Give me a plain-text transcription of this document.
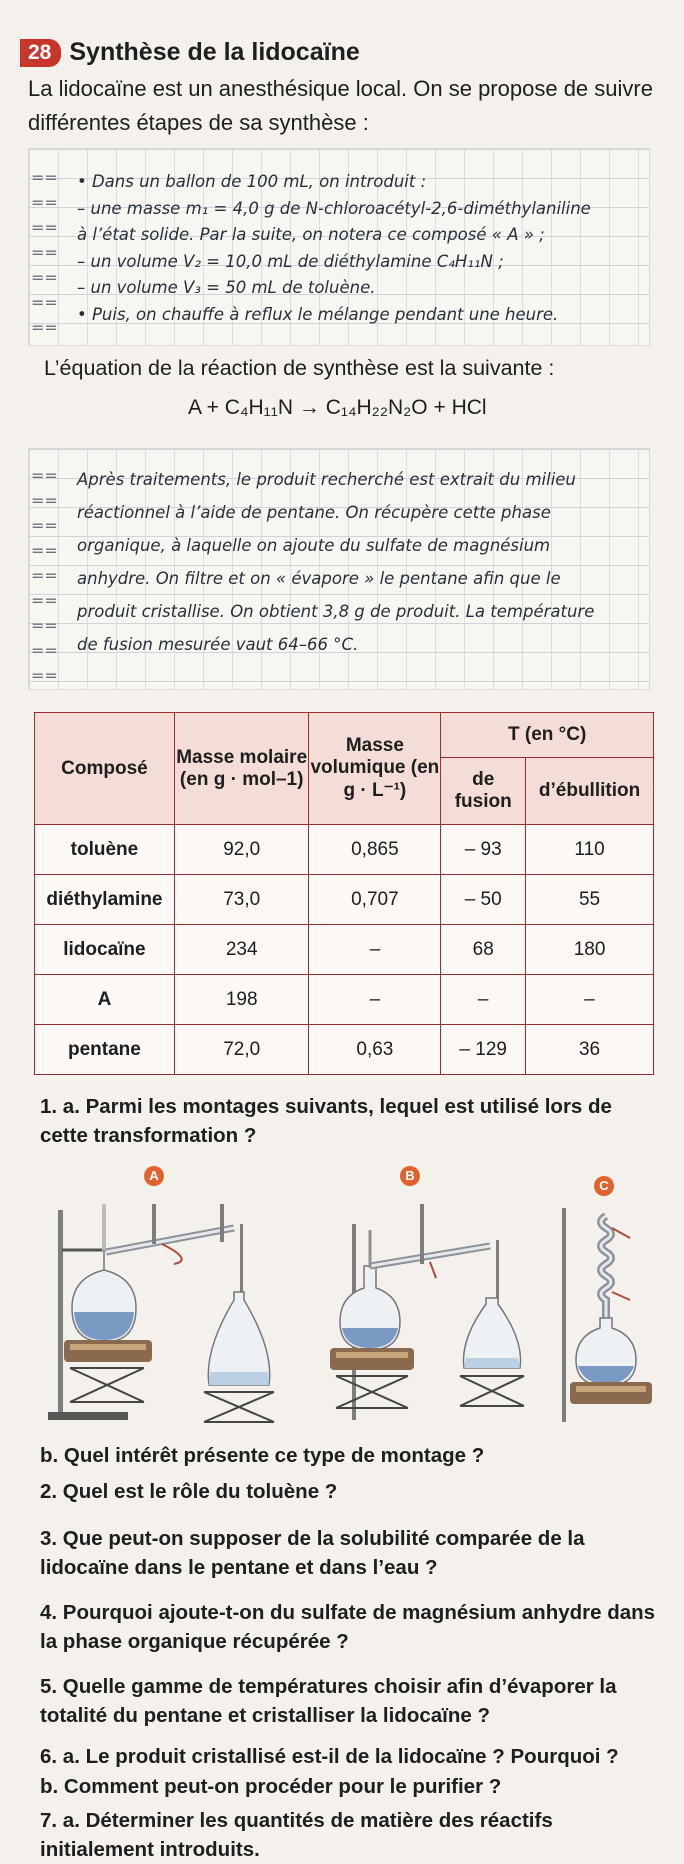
28 Synthèse de la lidocaïne
La lidocaïne est un anesthésique local. On se propose de suivre différentes étapes de sa synthèse :
==
==
==
==
==
==
==
• Dans un ballon de 100 mL, on introduit :
– une masse m₁ = 4,0 g de N-chloroacétyl-2,6-diméthylaniline
à l’état solide. Par la suite, on notera ce composé « A » ;
– un volume V₂ = 10,0 mL de diéthylamine C₄H₁₁N ;
– un volume V₃ = 50 mL de toluène.
• Puis, on chauffe à reflux le mélange pendant une heure.
L’équation de la réaction de synthèse est la suivante :
A + C₄H₁₁N → C₁₄H₂₂N₂O + HCl
==
==
==
==
==
==
==
==
==
Après traitements, le produit recherché est extrait du milieu
réactionnel à l’aide de pentane. On récupère cette phase
organique, à laquelle on ajoute du sulfate de magnésium
anhydre. On filtre et on « évapore » le pentane afin que le
produit cristallise. On obtient 3,8 g de produit. La température
de fusion mesurée vaut 64–66 °C.
Composé	Masse molaire (en g · mol–1)	Masse volumique (en g · L⁻¹)	T (en °C)	
			de fusion	d’ébullition
toluène	92,0	0,865	– 93	110
diéthylamine	73,0	0,707	– 50	55
lidocaïne	234	–	68	180
A	198	–	–	–
pentane	72,0	0,63	– 129	36
1. a. Parmi les montages suivants, lequel est utilisé lors de cette transformation ?
A	B
C
b. Quel intérêt présente ce type de montage ?
2. Quel est le rôle du toluène ?
3. Que peut-on supposer de la solubilité comparée de la lidocaïne dans le pentane et dans l’eau ?
4. Pourquoi ajoute-t-on du sulfate de magnésium anhydre dans la phase organique récupérée ?
5. Quelle gamme de températures choisir afin d’évaporer la totalité du pentane et cristalliser la lidocaïne ?
6. a. Le produit cristallisé est-il de la lidocaïne ? Pourquoi ?
b. Comment peut-on procéder pour le purifier ?
7. a. Déterminer les quantités de matière des réactifs initialement introduits.
